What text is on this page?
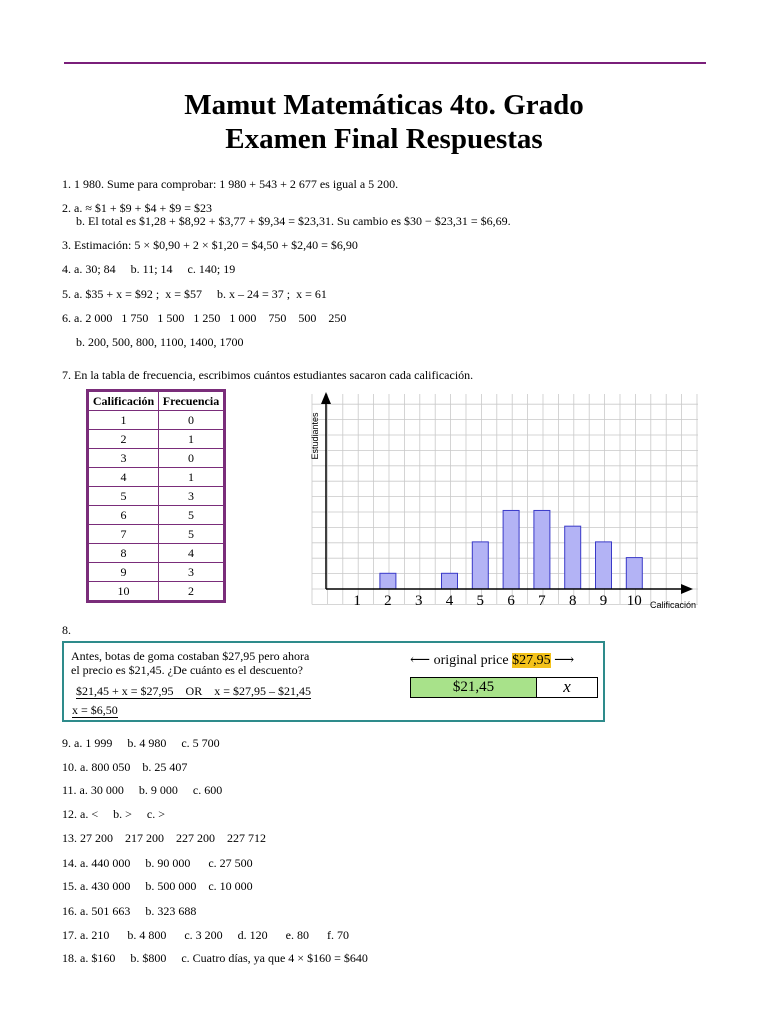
Mamut Matemáticas 4to. Grado
Examen Final Respuestas
1. 1 980. Sume para comprobar: 1 980 + 543 + 2 677 es igual a 5 200.
2. a. ≈ $1 + $9 + $4 + $9 = $23
b. El total es $1,28 + $8,92 + $3,77 + $9,34 = $23,31. Su cambio es $30 − $23,31 = $6,69.
3. Estimación: 5 × $0,90 + 2 × $1,20 = $4,50 + $2,40 = $6,90
4. a. 30; 84     b. 11; 14     c. 140; 19
5. a. $35 + x = $92 ;  x = $57     b. x – 24 = 37 ;  x = 61
6. a. 2 000   1 750   1 500   1 250   1 000    750    500    250
b. 200, 500, 800, 1100, 1400, 1700
7. En la tabla de frecuencia, escribimos cuántos estudiantes sacaron cada calificación.
Calificación	Frecuencia
1	0
2	1
3	0
4	1
5	3
6	5
7	5
8	4
9	3
10	2
1 2 3 4 5 6 7 8 9 10
Estudiantes
Calificación
8.
Antes, botas de goma costaban $27,95 pero ahora
el precio es $21,45. ¿De cuánto es el descuento?
$21,45 + x = $27,95    OR    x = $27,95 – $21,45
x = $6,50
⟵ original price $27,95 ⟶
$21,45	x
9. a. 1 999     b. 4 980     c. 5 700
10. a. 800 050    b. 25 407
11. a. 30 000     b. 9 000     c. 600
12. a. <     b. >     c. >
13. 27 200    217 200    227 200    227 712
14. a. 440 000     b. 90 000      c. 27 500
15. a. 430 000     b. 500 000    c. 10 000
16. a. 501 663     b. 323 688
17. a. 210      b. 4 800      c. 3 200     d. 120      e. 80      f. 70
18. a. $160     b. $800     c. Cuatro días, ya que 4 × $160 = $640
